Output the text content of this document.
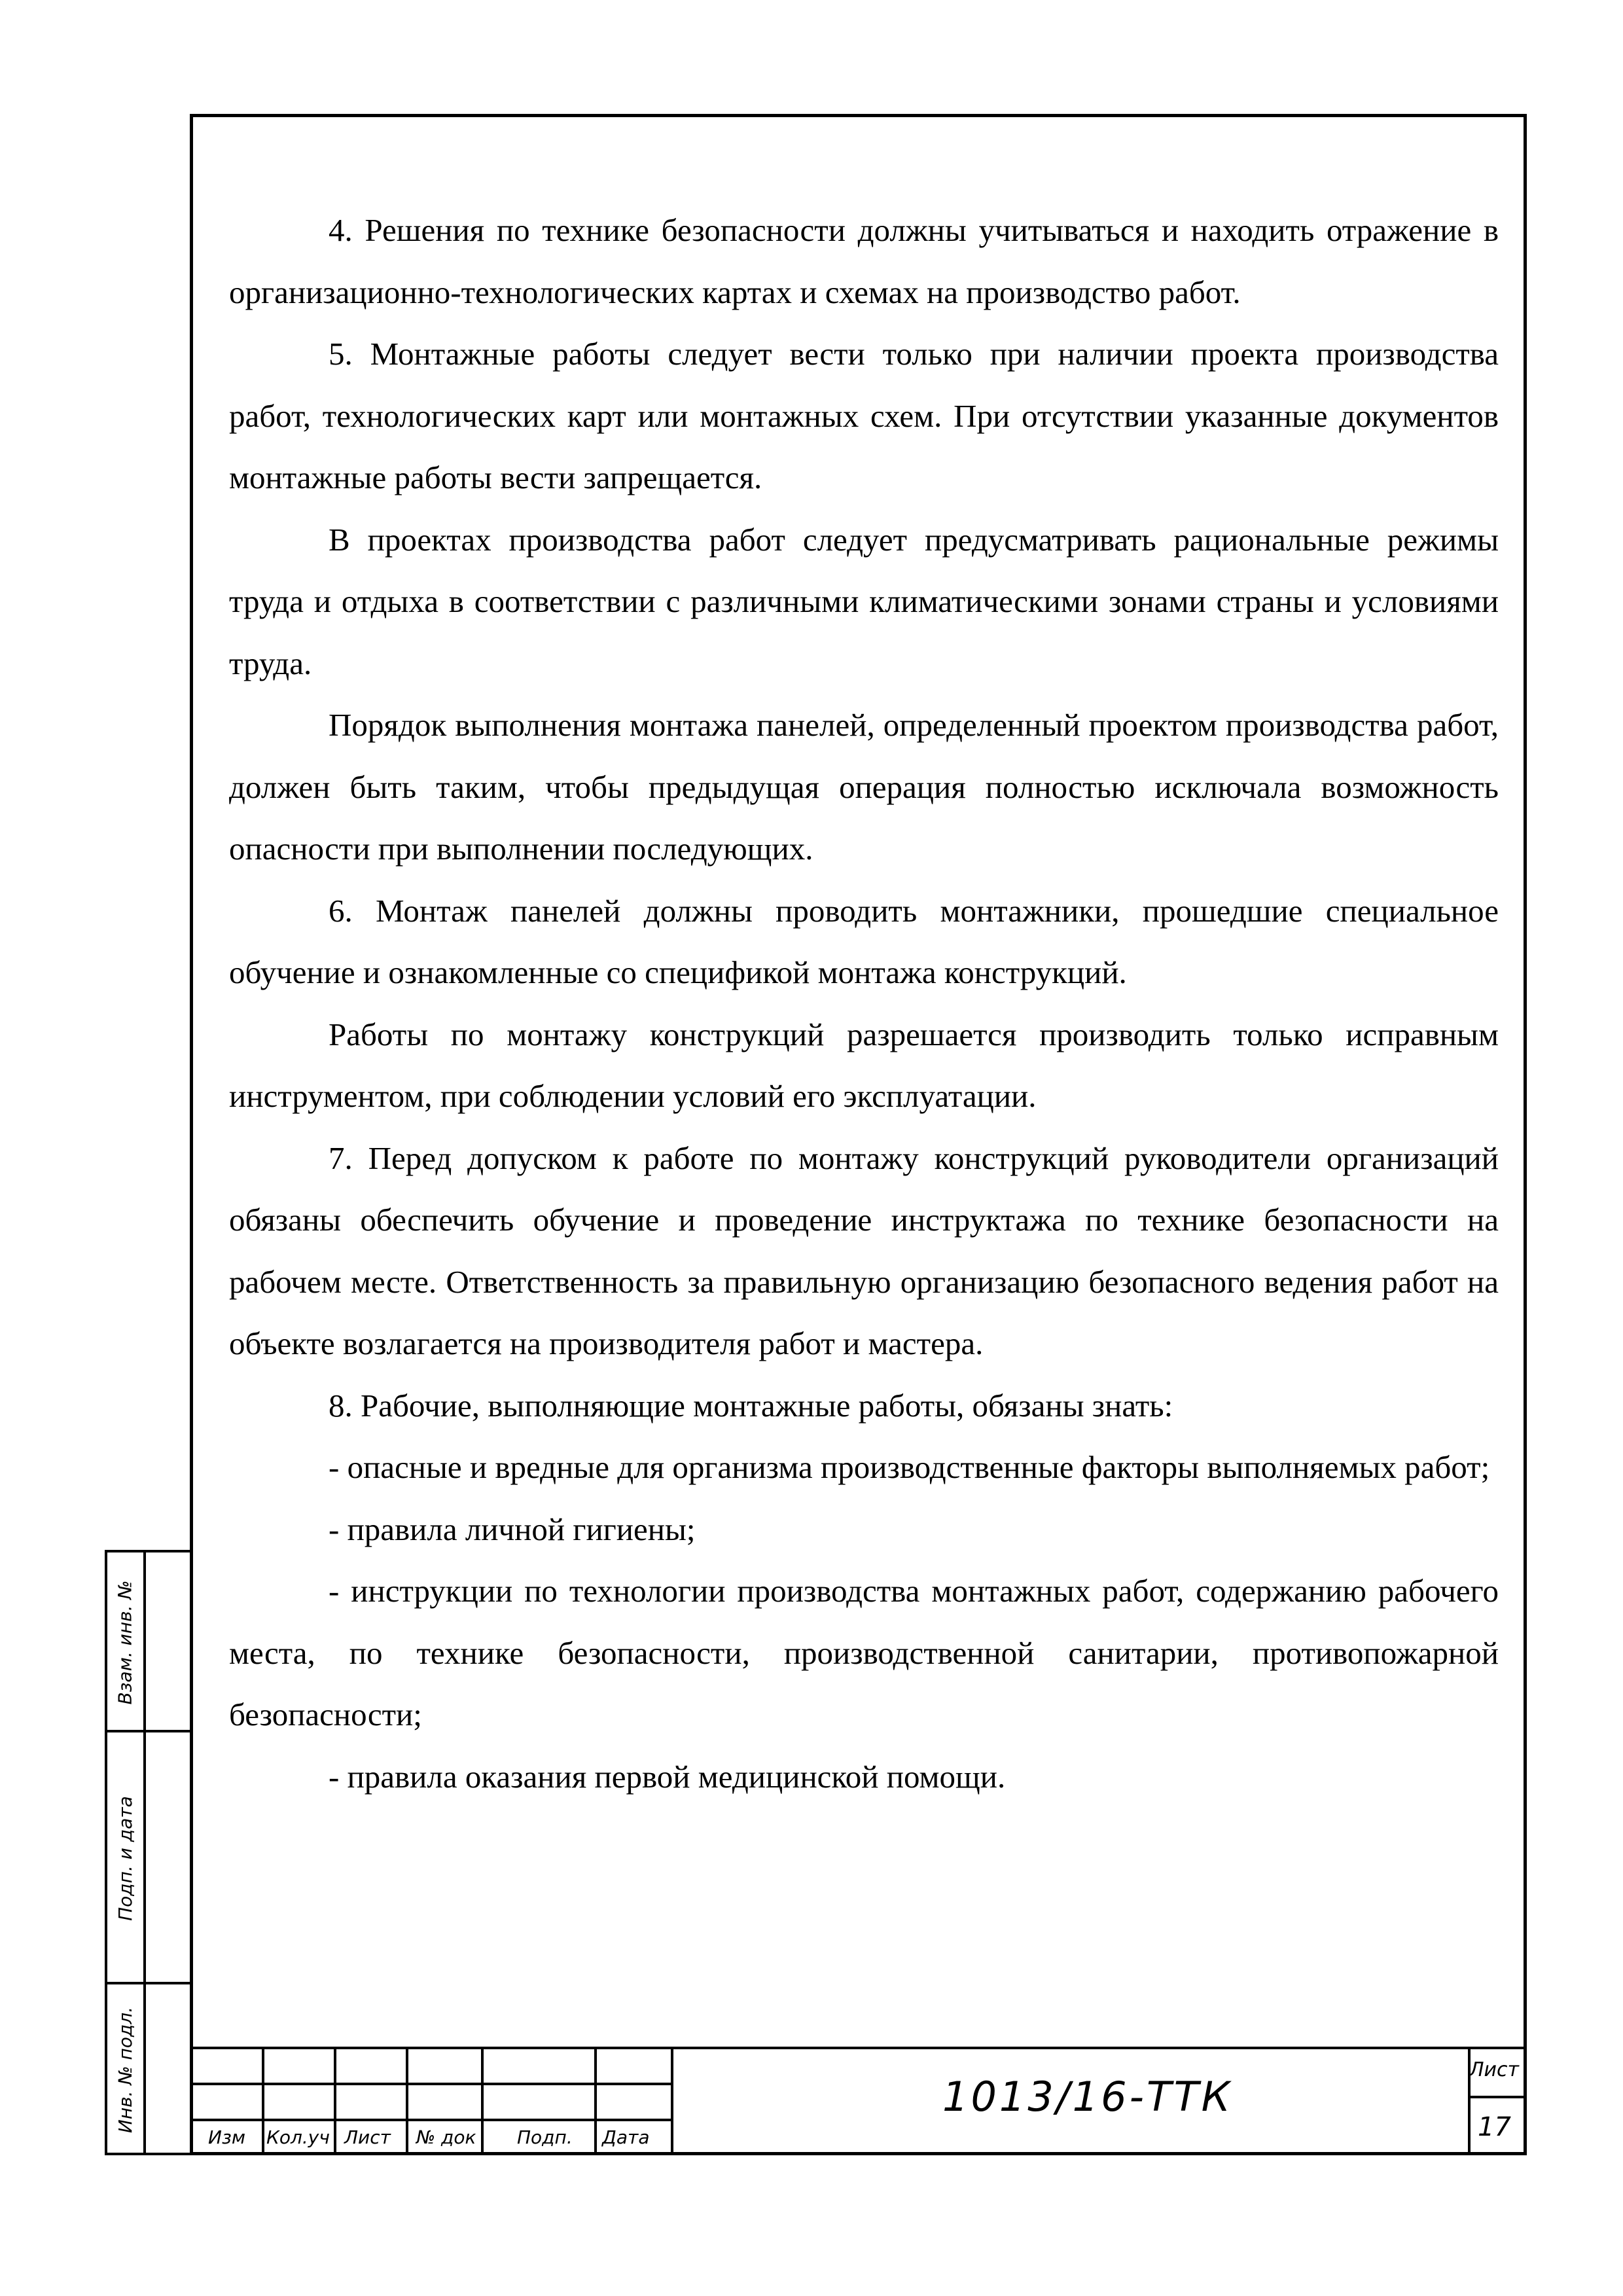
4. Решения по технике безопасности должны учитываться и находить отражение в организационно-технологических картах и схемах на производство работ.

5. Монтажные работы следует вести только при наличии проекта производства работ, технологических карт или монтажных схем. При отсутствии указанные документов монтажные работы вести запрещается.

В проектах производства работ следует предусматривать рациональные режимы труда и отдыха в соответствии с различными климатическими зонами страны и условиями труда.

Порядок выполнения монтажа панелей, определенный проектом производства работ, должен быть таким, чтобы предыдущая операция полностью исключала возможность опасности при выполнении последующих.

6. Монтаж панелей должны проводить монтажники, прошедшие специальное обучение и ознакомленные со спецификой монтажа конструкций.

Работы по монтажу конструкций разрешается производить только исправным инструментом, при соблюдении условий его эксплуатации.

7. Перед допуском к работе по монтажу конструкций руководители организаций обязаны обеспечить обучение и проведение инструктажа по технике безопасности на рабочем месте. Ответственность за правильную организацию безопасного ведения работ на объекте возлагается на производителя работ и мастера.

8. Рабочие, выполняющие монтажные работы, обязаны знать:

- опасные и вредные для организма производственные факторы выполняемых работ;

- правила личной гигиены;

- инструкции по технологии производства монтажных работ, содержанию рабочего места, по технике безопасности, производственной санитарии, противопожарной безопасности;

- правила оказания первой медицинской помощи.

Взам. инв. №
Подп. и дата
Инв. № подл.
Изм Кол.уч Лист № док Подп. Дата
1013/16-ТТК
Лист
17
